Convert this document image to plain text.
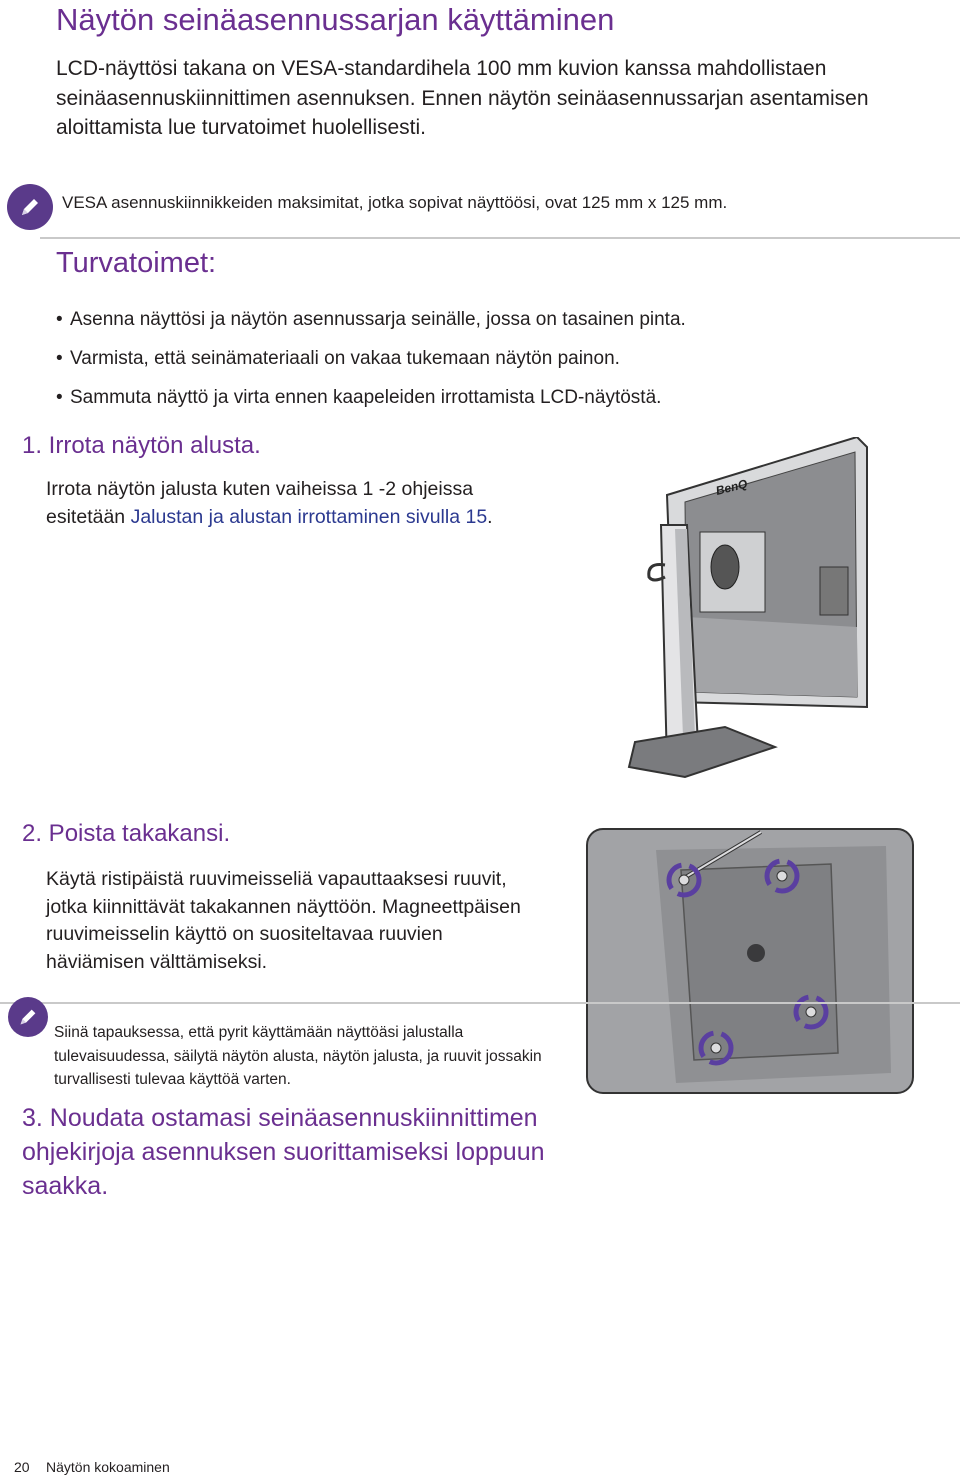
Näytön seinäasennussarjan käyttäminen
LCD-näyttösi takana on VESA-standardihela 100 mm kuvion kanssa mahdollistaen seinäasennuskiinnittimen asennuksen. Ennen näytön seinäasennussarjan asentamisen aloittamista lue turvatoimet huolellisesti.
VESA asennuskiinnikkeiden maksimitat, jotka sopivat näyttöösi, ovat 125 mm x 125 mm.
Turvatoimet:
• Asenna näyttösi ja näytön asennussarja seinälle, jossa on tasainen pinta.
• Varmista, että seinämateriaali on vakaa tukemaan näytön painon.
• Sammuta näyttö ja virta ennen kaapeleiden irrottamista LCD-näytöstä.
1. Irrota näytön alusta.
Irrota näytön jalusta kuten vaiheissa 1 -2 ohjeissa esitetään Jalustan ja alustan irrottaminen sivulla 15.
BenQ
2. Poista takakansi.
Käytä ristipäistä ruuvimeisseliä vapauttaaksesi ruuvit, jotka kiinnittävät takakannen näyttöön. Magneettpäisen ruuvimeisselin käyttö on suositeltavaa ruuvien häviämisen välttämiseksi.
Siinä tapauksessa, että pyrit käyttämään näyttöäsi jalustalla tulevaisuudessa, säilytä näytön alusta, näytön jalusta, ja ruuvit jossakin turvallisesti tulevaa käyttöä varten.
3. Noudata ostamasi seinäasennuskiinnittimen ohjekirjoja asennuksen suorittamiseksi loppuun saakka.
20 Näytön kokoaminen
